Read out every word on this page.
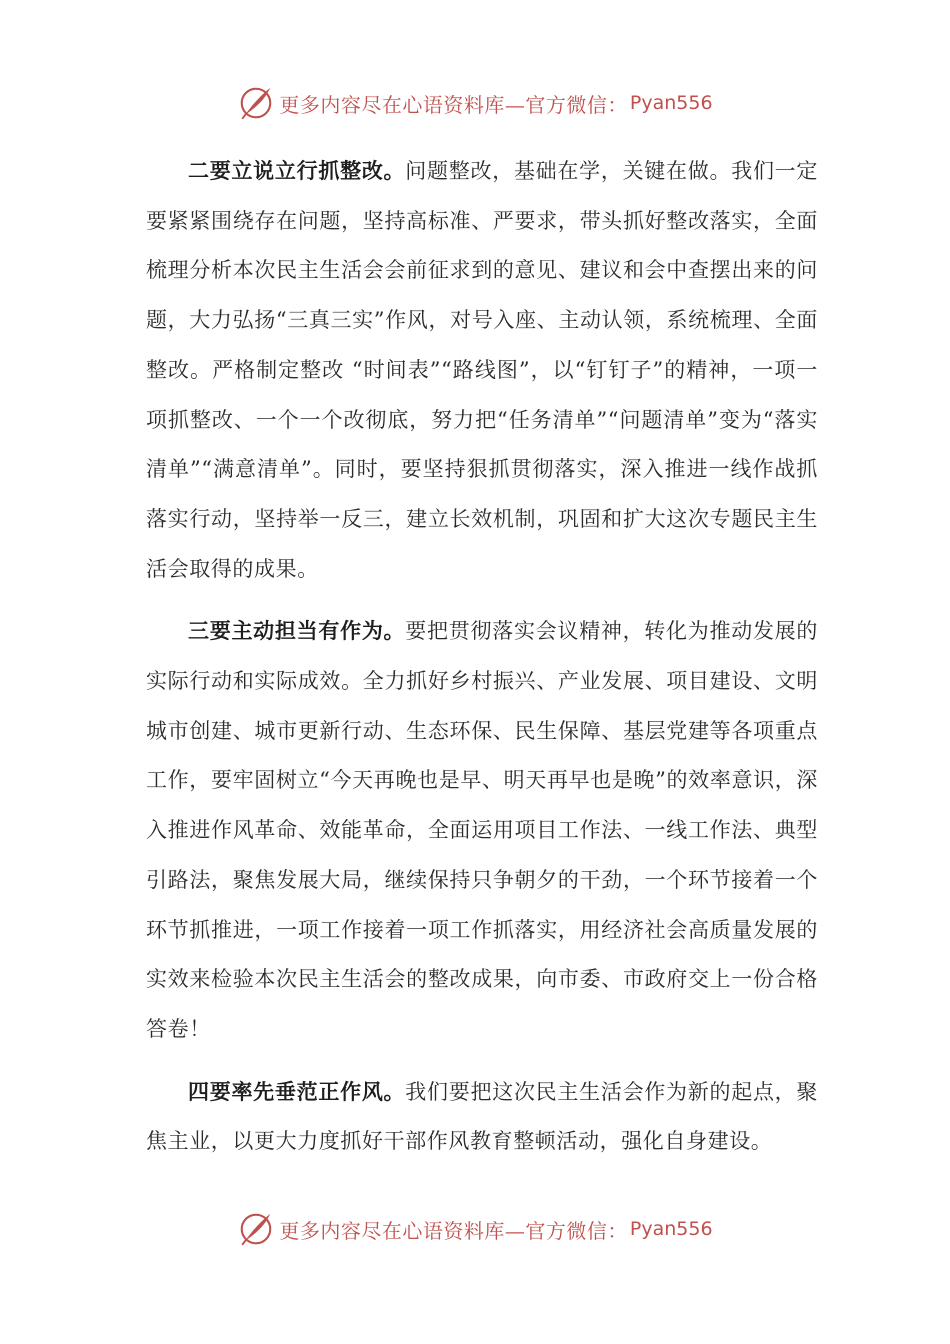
更多内容尽在心语资料库—官方微信： Pyan556

二要立说立行抓整改。问题整改，基础在学，关键在做。我们一定要紧紧围绕存在问题，坚持高标准、严要求，带头抓好整改落实，全面梳理分析本次民主生活会会前征求到的意见、建议和会中查摆出来的问题，大力弘扬“三真三实”作风，对号入座、主动认领，系统梳理、全面整改。严格制定整改 “时间表”“路线图”，以“钉钉子”的精神，一项一项抓整改、一个一个改彻底，努力把“任务清单”“问题清单”变为“落实清单”“满意清单”。同时，要坚持狠抓贯彻落实，深入推进一线作战抓落实行动，坚持举一反三，建立长效机制，巩固和扩大这次专题民主生活会取得的成果。

三要主动担当有作为。要把贯彻落实会议精神，转化为推动发展的实际行动和实际成效。全力抓好乡村振兴、产业发展、项目建设、文明城市创建、城市更新行动、生态环保、民生保障、基层党建等各项重点工作，要牢固树立“今天再晚也是早、明天再早也是晚”的效率意识，深入推进作风革命、效能革命，全面运用项目工作法、一线工作法、典型引路法，聚焦发展大局，继续保持只争朝夕的干劲，一个环节接着一个环节抓推进，一项工作接着一项工作抓落实，用经济社会高质量发展的实效来检验本次民主生活会的整改成果，向市委、市政府交上一份合格答卷！

四要率先垂范正作风。我们要把这次民主生活会作为新的起点，聚焦主业，以更大力度抓好干部作风教育整顿活动，强化自身建设。

更多内容尽在心语资料库—官方微信： Pyan556
